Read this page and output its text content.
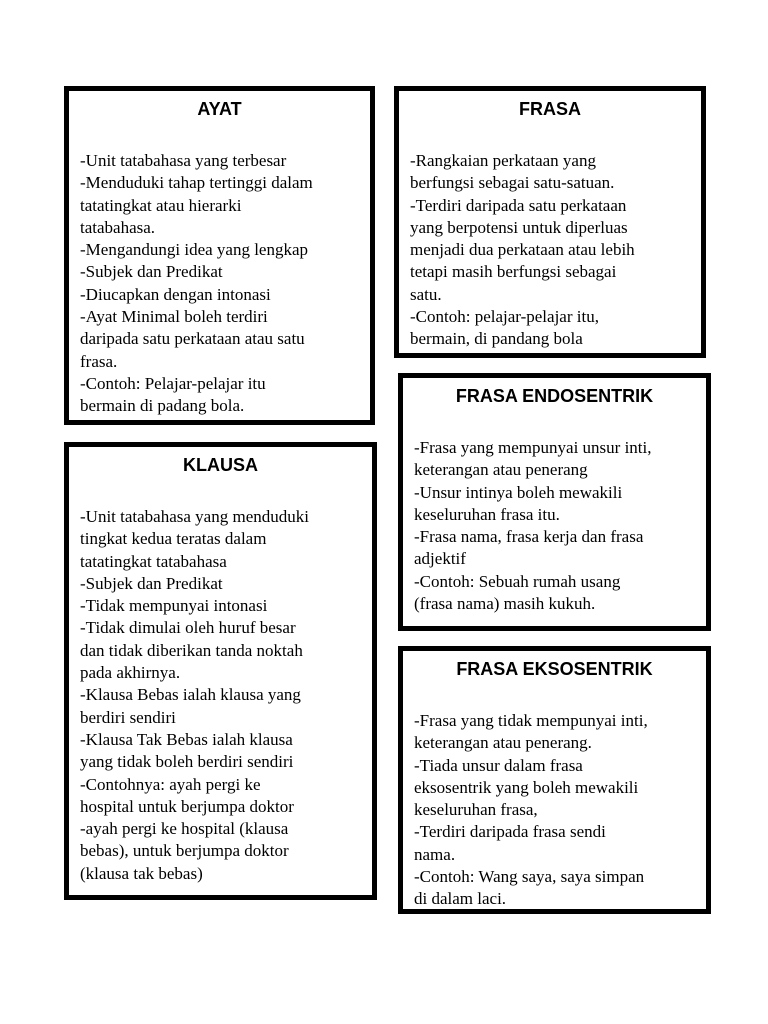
AYAT
-Unit tatabahasa yang terbesar
-Menduduki tahap tertinggi dalam
tatatingkat atau hierarki
tatabahasa.
-Mengandungi idea yang lengkap
-Subjek dan Predikat
-Diucapkan dengan intonasi
-Ayat Minimal boleh terdiri
daripada satu perkataan atau satu
frasa.
-Contoh: Pelajar-pelajar itu
bermain di padang bola.
FRASA
-Rangkaian perkataan yang
berfungsi sebagai satu-satuan.
-Terdiri daripada satu perkataan
yang berpotensi untuk diperluas
menjadi dua perkataan atau lebih
tetapi masih berfungsi sebagai
satu.
-Contoh: pelajar-pelajar itu,
bermain, di pandang bola
KLAUSA
-Unit tatabahasa yang menduduki
tingkat kedua teratas dalam
tatatingkat tatabahasa
-Subjek dan Predikat
-Tidak mempunyai intonasi
-Tidak dimulai oleh huruf besar
dan tidak diberikan tanda noktah
pada akhirnya.
-Klausa Bebas ialah klausa yang
berdiri sendiri
-Klausa Tak Bebas ialah klausa
yang tidak boleh berdiri sendiri
-Contohnya: ayah pergi ke
hospital untuk berjumpa doktor
-ayah pergi ke hospital (klausa
bebas), untuk berjumpa doktor
(klausa tak bebas)
FRASA ENDOSENTRIK
-Frasa yang mempunyai unsur inti,
keterangan atau penerang
-Unsur intinya boleh mewakili
keseluruhan frasa itu.
-Frasa nama, frasa kerja dan frasa
adjektif
-Contoh: Sebuah rumah usang
(frasa nama) masih kukuh.
FRASA EKSOSENTRIK
-Frasa yang tidak mempunyai inti,
keterangan atau penerang.
-Tiada unsur dalam frasa
eksosentrik yang boleh mewakili
keseluruhan frasa,
-Terdiri daripada frasa sendi
nama.
-Contoh: Wang saya, saya simpan
di dalam laci.
